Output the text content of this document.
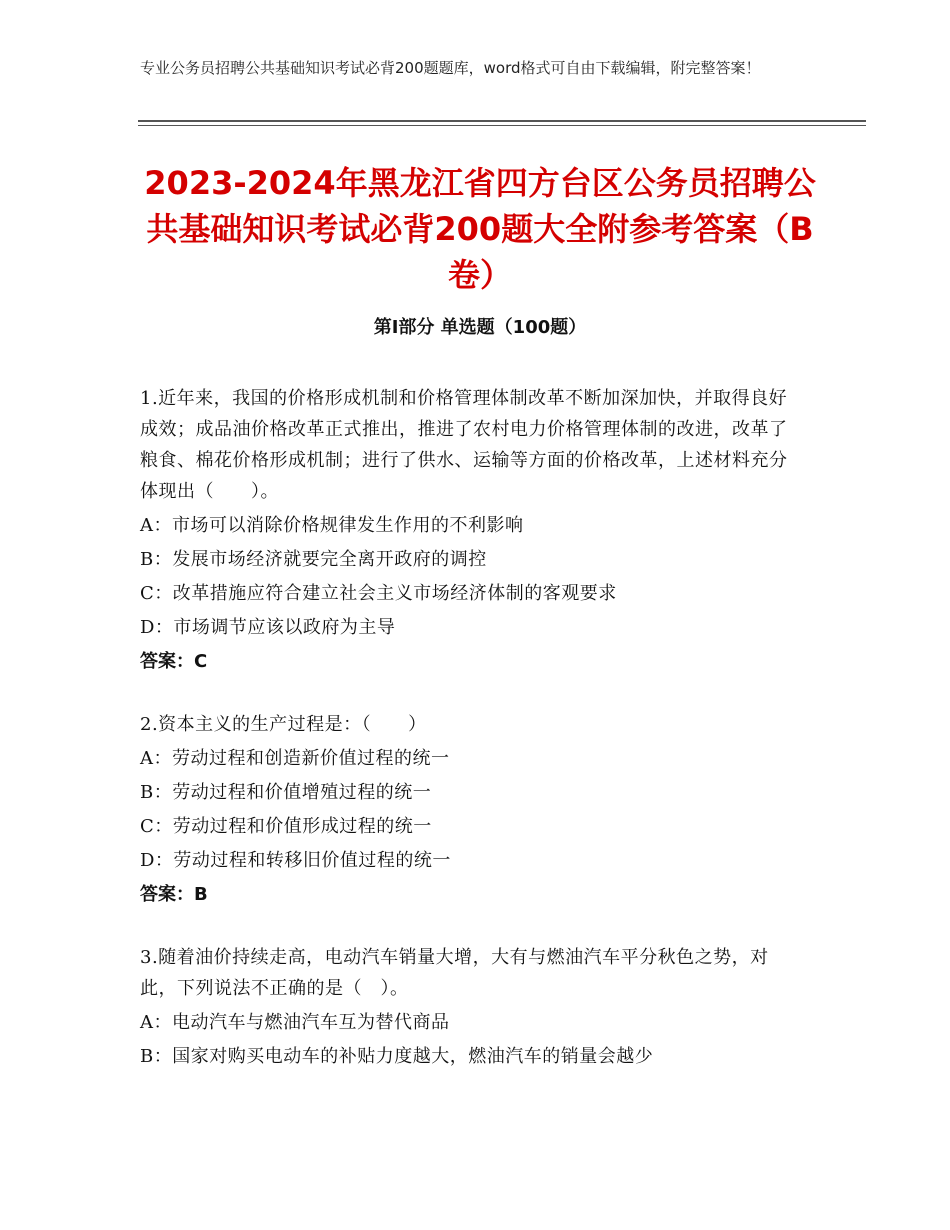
专业公务员招聘公共基础知识考试必背200题题库，word格式可自由下载编辑，附完整答案！
2023-2024年黑龙江省四方台区公务员招聘公共基础知识考试必背200题大全附参考答案（B卷）
第Ⅰ部分 单选题（100题）

1.近年来，我国的价格形成机制和价格管理体制改革不断加深加快，并取得良好成效；成品油价格改革正式推出，推进了农村电力价格管理体制的改进，改革了粮食、棉花价格形成机制；进行了供水、运输等方面的价格改革，上述材料充分体现出（　　）。

A：市场可以消除价格规律发生作用的不利影响

B：发展市场经济就要完全离开政府的调控

C：改革措施应符合建立社会主义市场经济体制的客观要求

D：市场调节应该以政府为主导

答案：C

2.资本主义的生产过程是：（　　）

A：劳动过程和创造新价值过程的统一

B：劳动过程和价值增殖过程的统一

C：劳动过程和价值形成过程的统一

D：劳动过程和转移旧价值过程的统一

答案：B

3.随着油价持续走高，电动汽车销量大增，大有与燃油汽车平分秋色之势，对此，下列说法不正确的是（　）。

A：电动汽车与燃油汽车互为替代商品

B：国家对购买电动车的补贴力度越大，燃油汽车的销量会越少
